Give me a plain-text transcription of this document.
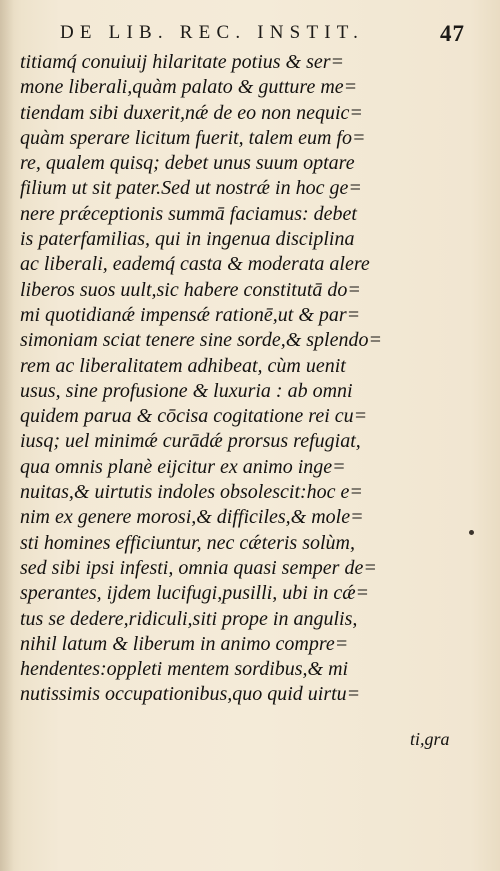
DE LIB. REC. INSTIT.	47
titiamq́ conuiuij hilaritate potius & ser=
mone liberali,quàm palato & gutture me=
tiendam sibi duxerit,nǽ de eo non nequic=
quàm sperare licitum fuerit, talem eum fo=
re, qualem quisq; debet unus suum optare
filium ut sit pater.Sed ut nostrǽ in hoc ge=
nere prǽceptionis summā faciamus: debet
is paterfamilias, qui in ingenua disciplina
ac liberali, eademq́ casta & moderata alere
liberos suos uult,sic habere constitutā do=
mi quotidianǽ impensǽ rationē,ut & par=
simoniam sciat tenere sine sorde,& splendo=
rem ac liberalitatem adhibeat, cùm uenit
usus, sine profusione & luxuria : ab omni
quidem parua & cōcisa cogitatione rei cu=
iusq; uel minimǽ curādǽ prorsus refugiat,
qua omnis planè eijcitur ex animo inge=
nuitas,& uirtutis indoles obsolescit:hoc e=
nim ex genere morosi,& difficiles,& mole=
sti homines efficiuntur, nec cǽteris solùm,
sed sibi ipsi infesti, omnia quasi semper de=
sperantes, ijdem lucifugi,pusilli, ubi in cǽ=
tus se dedere,ridiculi,siti prope in angulis,
nihil latum & liberum in animo compre=
hendentes:oppleti mentem sordibus,& mi
nutissimis occupationibus,quo quid uirtu=
ti,gra
